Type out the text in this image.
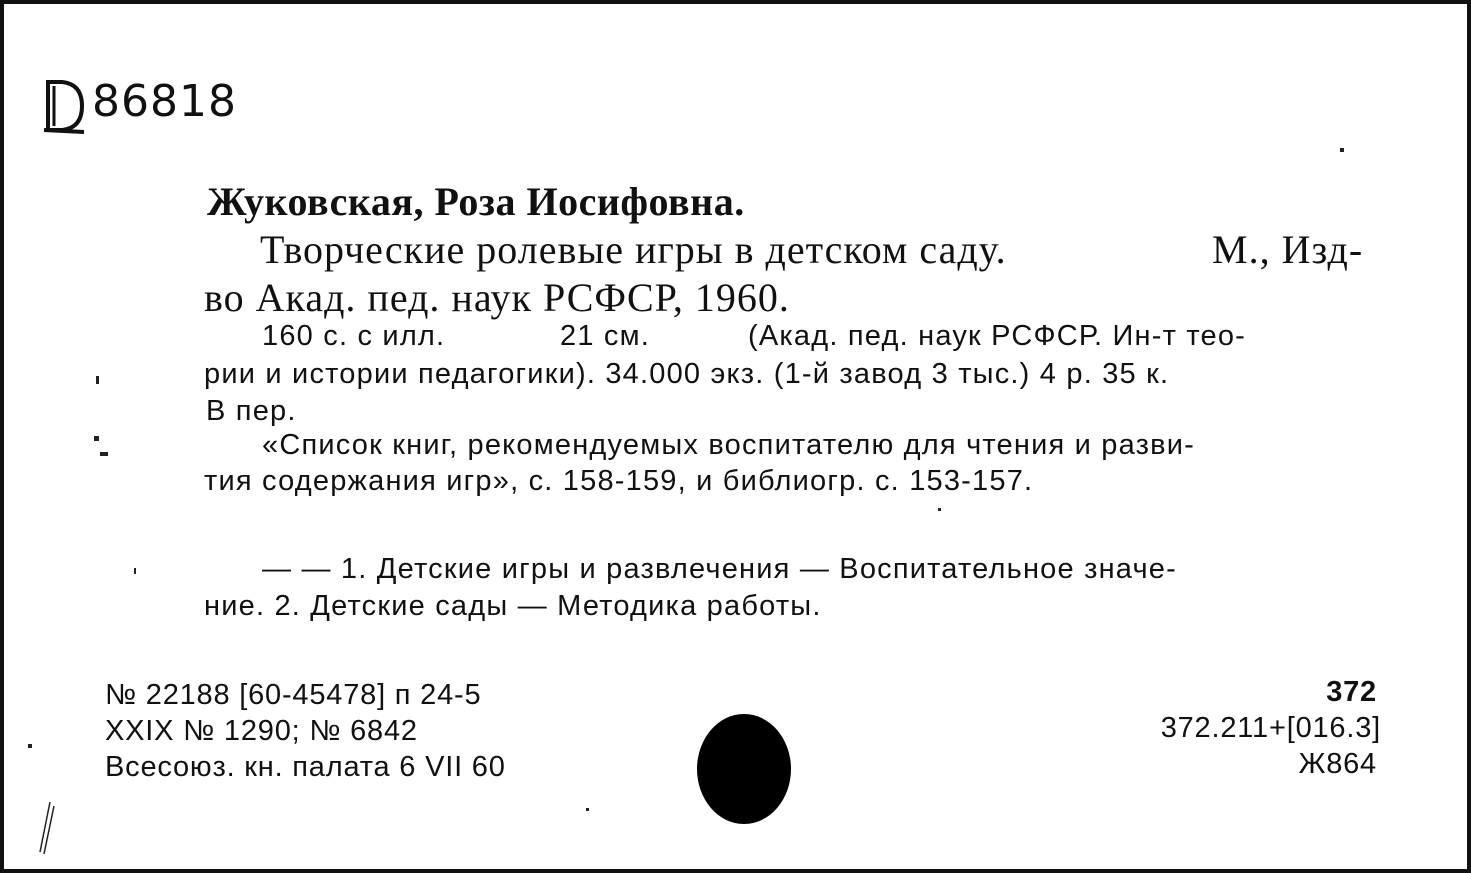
86818
Жуковская, Роза Иосифовна.
Творческие ролевые игры в детском саду.	М., Изд-
во Акад. пед. наук РСФСР, 1960.
160 с. с илл.	21 см.	(Акад. пед. наук РСФСР. Ин-т тео-
рии и истории педагогики). 34.000 экз. (1-й завод 3 тыс.) 4 р. 35 к.
В пер.
«Список книг, рекомендуемых воспитателю для чтения и разви-
тия содержания игр», с. 158-159, и библиогр. с. 153-157.
— — 1. Детские игры и развлечения — Воспитательное значе-
ние. 2. Детские сады — Методика работы.
№ 22188 [60-45478] п 24-5
XXIX № 1290; № 6842
Всесоюз. кн. палата 6 VII 60
372
372.211+[016.3]
Ж864
